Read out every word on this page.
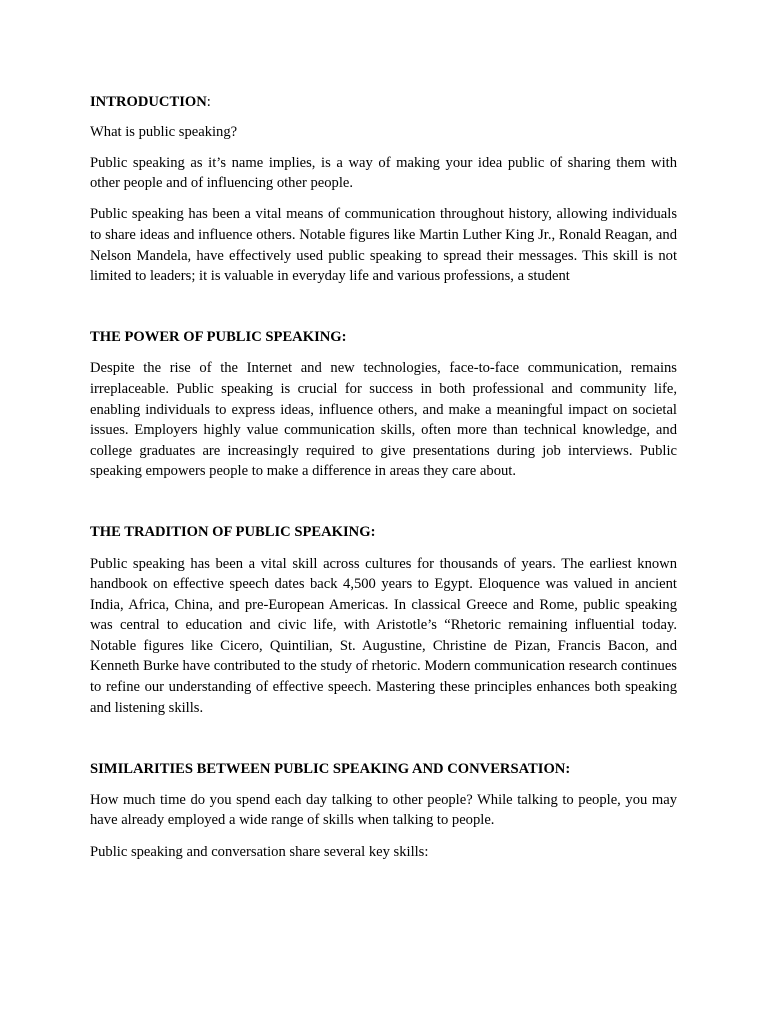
INTRODUCTION:

What is public speaking?

Public speaking as it’s name implies, is a way of making your idea public of sharing them with other people and of influencing other people.

Public speaking has been a vital means of communication throughout history, allowing individuals to share ideas and influence others. Notable figures like Martin Luther King Jr., Ronald Reagan, and Nelson Mandela, have effectively used public speaking to spread their messages. This skill is not limited to leaders; it is valuable in everyday life and various professions, a student

THE POWER OF PUBLIC SPEAKING:

Despite the rise of the Internet and new technologies, face-to-face communication, remains irreplaceable. Public speaking is crucial for success in both professional and community life, enabling individuals to express ideas, influence others, and make a meaningful impact on societal issues. Employers highly value communication skills, often more than technical knowledge, and college graduates are increasingly required to give presentations during job interviews. Public speaking empowers people to make a difference in areas they care about.

THE TRADITION OF PUBLIC SPEAKING:

Public speaking has been a vital skill across cultures for thousands of years. The earliest known handbook on effective speech dates back 4,500 years to Egypt. Eloquence was valued in ancient India, Africa, China, and pre-European Americas. In classical Greece and Rome, public speaking was central to education and civic life, with Aristotle’s “Rhetoric remaining influential today. Notable figures like Cicero, Quintilian, St. Augustine, Christine de Pizan, Francis Bacon, and Kenneth Burke have contributed to the study of rhetoric. Modern communication research continues to refine our understanding of effective speech. Mastering these principles enhances both speaking and listening skills.

SIMILARITIES BETWEEN PUBLIC SPEAKING AND CONVERSATION:

How much time do you spend each day talking to other people? While talking to people, you may have already employed a wide range of skills when talking to people.

Public speaking and conversation share several key skills:
